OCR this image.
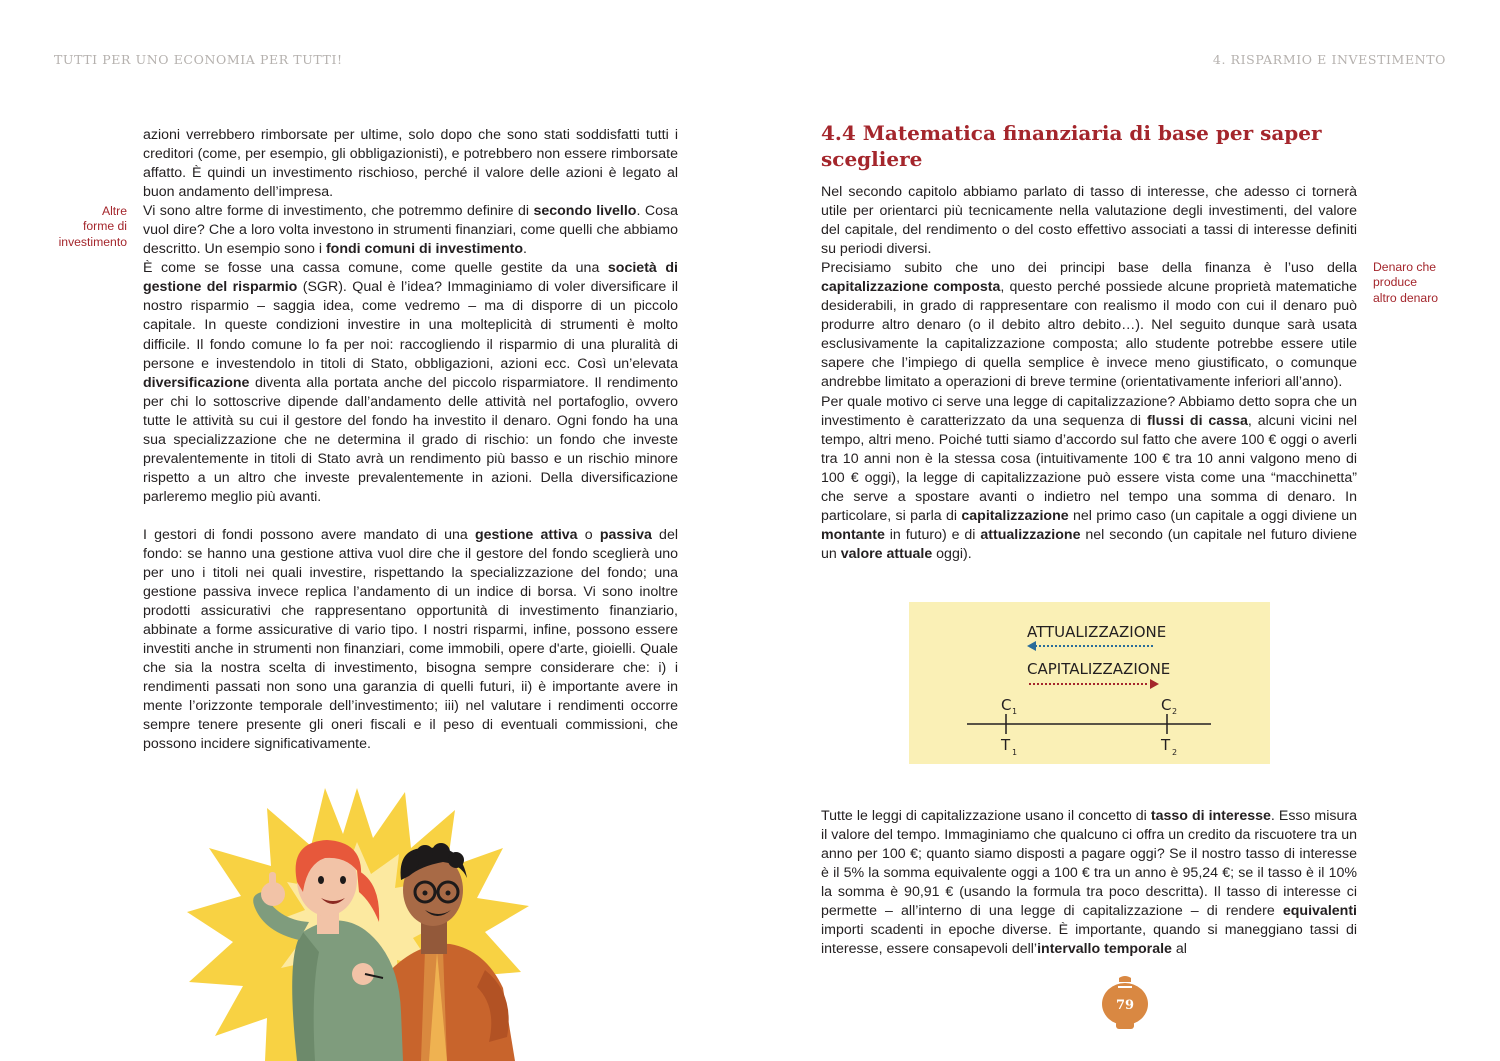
TUTTI PER UNO ECONOMIA PER TUTTI!	4. RISPARMIO E INVESTIMENTO
Altre
forme di
investimento

azioni verrebbero rimborsate per ultime, solo dopo che sono stati soddisfatti tutti i creditori (come, per esempio, gli obbligazionisti), e potrebbero non essere rimborsate affatto. È quindi un investimento rischioso, perché il valore delle azioni è legato al buon andamento dell’impresa.

Vi sono altre forme di investimento, che potremmo definire di secondo livello. Cosa vuol dire? Che a loro volta investono in strumenti finanziari, come quelli che abbiamo descritto. Un esempio sono i fondi comuni di investimento.

È come se fosse una cassa comune, come quelle gestite da una società di gestione del risparmio (SGR). Qual è l’idea? Immaginiamo di voler diversificare il nostro risparmio – saggia idea, come vedremo – ma di disporre di un piccolo capitale. In queste condizioni investire in una molteplicità di strumenti è molto difficile. Il fondo comune lo fa per noi: raccogliendo il risparmio di una pluralità di persone e investendolo in titoli di Stato, obbligazioni, azioni ecc. Così un’elevata diversificazione diventa alla portata anche del piccolo risparmiatore. Il rendimento per chi lo sottoscrive dipende dall’andamento delle attività nel portafoglio, ovvero tutte le attività su cui il gestore del fondo ha investito il denaro. Ogni fondo ha una sua specializzazione che ne determina il grado di rischio: un fondo che investe prevalentemente in titoli di Stato avrà un rendimento più basso e un rischio minore rispetto a un altro che investe prevalentemente in azioni. Della diversificazione parleremo meglio più avanti.

I gestori di fondi possono avere mandato di una gestione attiva o passiva del fondo: se hanno una gestione attiva vuol dire che il gestore del fondo sceglierà uno per uno i titoli nei quali investire, rispettando la specializzazione del fondo; una gestione passiva invece replica l’andamento di un indice di borsa. Vi sono inoltre prodotti assicurativi che rappresentano opportunità di investimento finanziario, abbinate a forme assicurative di vario tipo. I nostri risparmi, infine, possono essere investiti anche in strumenti non finanziari, come immobili, opere d'arte, gioielli. Quale che sia la nostra scelta di investimento, bisogna sempre considerare che: i) i rendimenti passati non sono una garanzia di quelli futuri, ii) è importante avere in mente l’orizzonte temporale dell’investimento; iii) nel valutare i rendimenti occorre sempre tenere presente gli oneri fiscali e il peso di eventuali commissioni, che possono incidere significativamente.

4.4 Matematica finanziaria di base per saper scegliere
Denaro che
produce
altro denaro

Nel secondo capitolo abbiamo parlato di tasso di interesse, che adesso ci tornerà utile per orientarci più tecnicamente nella valutazione degli investimenti, del valore del capitale, del rendimento o del costo effettivo associati a tassi di interesse definiti su periodi diversi.

Precisiamo subito che uno dei principi base della finanza è l’uso della capitalizzazione composta, questo perché possiede alcune proprietà matematiche desiderabili, in grado di rappresentare con realismo il modo con cui il denaro può produrre altro denaro (o il debito altro debito…). Nel seguito dunque sarà usata esclusivamente la capitalizzazione composta; allo studente potrebbe essere utile sapere che l’impiego di quella semplice è invece meno giustificato, o comunque andrebbe limitato a operazioni di breve termine (orientativamente inferiori all’anno).

Per quale motivo ci serve una legge di capitalizzazione? Abbiamo detto sopra che un investimento è caratterizzato da una sequenza di flussi di cassa, alcuni vicini nel tempo, altri meno. Poiché tutti siamo d’accordo sul fatto che avere 100 € oggi o averli tra 10 anni non è la stessa cosa (intuitivamente 100 € tra 10 anni valgono meno di 100 € oggi), la legge di capitalizzazione può essere vista come una “macchinetta” che serve a spostare avanti o indietro nel tempo una somma di denaro. In particolare, si parla di capitalizzazione nel primo caso (un capitale a oggi diviene un montante in futuro) e di attualizzazione nel secondo (un capitale nel futuro diviene un valore attuale oggi).

ATTUALIZZAZIONE
CAPITALIZZAZIONE
C 1	C 2
T 1	T 2

Tutte le leggi di capitalizzazione usano il concetto di tasso di interesse. Esso misura il valore del tempo. Immaginiamo che qualcuno ci offra un credito da riscuotere tra un anno per 100 €; quanto siamo disposti a pagare oggi? Se il nostro tasso di interesse è il 5% la somma equivalente oggi a 100 € tra un anno è 95,24 €; se il tasso è il 10% la somma è 90,91 € (usando la formula tra poco descritta). Il tasso di interesse ci permette – all’interno di una legge di capitalizzazione – di rendere equivalenti importi scadenti in epoche diverse. È importante, quando si maneggiano tassi di interesse, essere consapevoli dell’intervallo temporale al

79
